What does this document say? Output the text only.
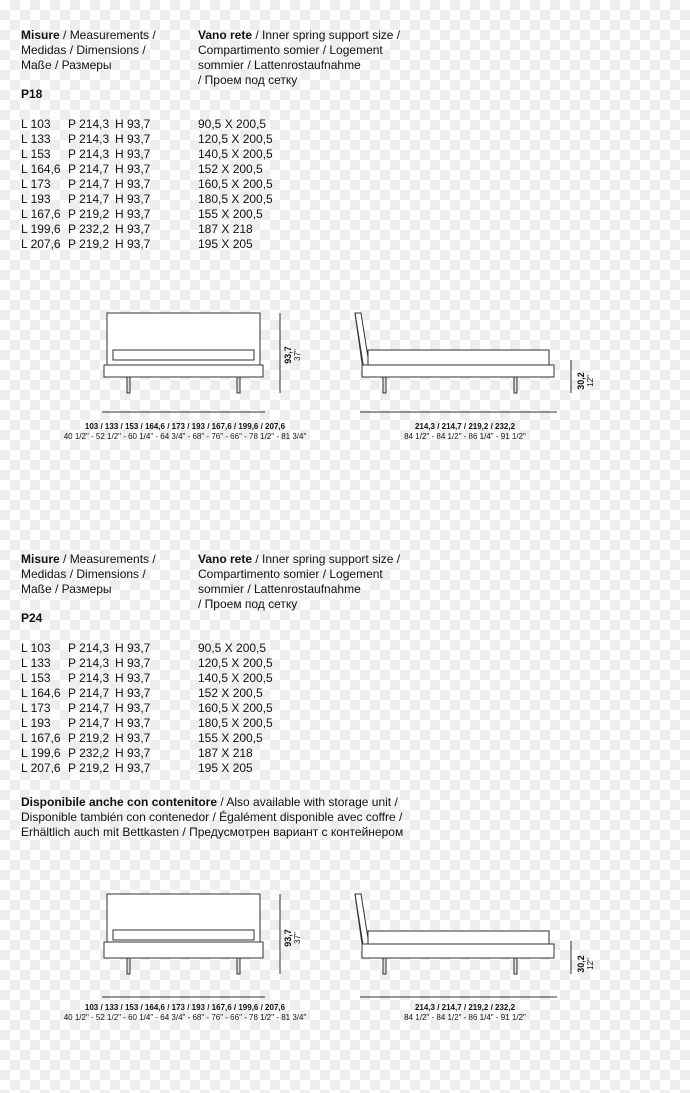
Misure / Measurements /
Medidas / Dimensions /
Maße / Размеры
Vano rete / Inner spring support size /
Compartimento somier / Logement
sommier / Lattenrostaufnahme
/ Проем под сетку
P18
L 103 P 214,3 H 93,7	90,5 X 200,5
L 133 P 214,3 H 93,7	120,5 X 200,5
L 153 P 214,3 H 93,7	140,5 X 200,5
L 164,6 P 214,7 H 93,7	152 X 200,5
L 173 P 214,7 H 93,7	160,5 X 200,5
L 193 P 214,7 H 93,7	180,5 X 200,5
L 167,6 P 219,2 H 93,7	155 X 200,5
L 199,6 P 232,2 H 93,7	187 X 218
L 207,6 P 219,2 H 93,7	195 X 205
93,7 37"
30,2 12"
103 / 133 / 153 / 164,6 / 173 / 193 / 167,6 / 199,6 / 207,6
40 1/2" - 52 1/2" - 60 1/4" - 64 3/4" - 68" - 76" - 66" - 78 1/2" - 81 3/4"
214,3 / 214,7 / 219,2 / 232,2
84 1/2" - 84 1/2" - 86 1/4" - 91 1/2"
Misure / Measurements /
Medidas / Dimensions /
Maße / Размеры
Vano rete / Inner spring support size /
Compartimento somier / Logement
sommier / Lattenrostaufnahme
/ Проем под сетку
P24
L 103 P 214,3 H 93,7	90,5 X 200,5
L 133 P 214,3 H 93,7	120,5 X 200,5
L 153 P 214,3 H 93,7	140,5 X 200,5
L 164,6 P 214,7 H 93,7	152 X 200,5
L 173 P 214,7 H 93,7	160,5 X 200,5
L 193 P 214,7 H 93,7	180,5 X 200,5
L 167,6 P 219,2 H 93,7	155 X 200,5
L 199,6 P 232,2 H 93,7	187 X 218
L 207,6 P 219,2 H 93,7	195 X 205
Disponibile anche con contenitore / Also available with storage unit /
Disponible también con contenedor / Égalément disponible avec coffre /
Erhältlich auch mit Bettkasten / Предусмотрен вариант с контейнером
93,7 37"
30,2 12"
103 / 133 / 153 / 164,6 / 173 / 193 / 167,6 / 199,6 / 207,6
40 1/2" - 52 1/2" - 60 1/4" - 64 3/4" - 68" - 76" - 66" - 78 1/2" - 81 3/4"
214,3 / 214,7 / 219,2 / 232,2
84 1/2" - 84 1/2" - 86 1/4" - 91 1/2"
